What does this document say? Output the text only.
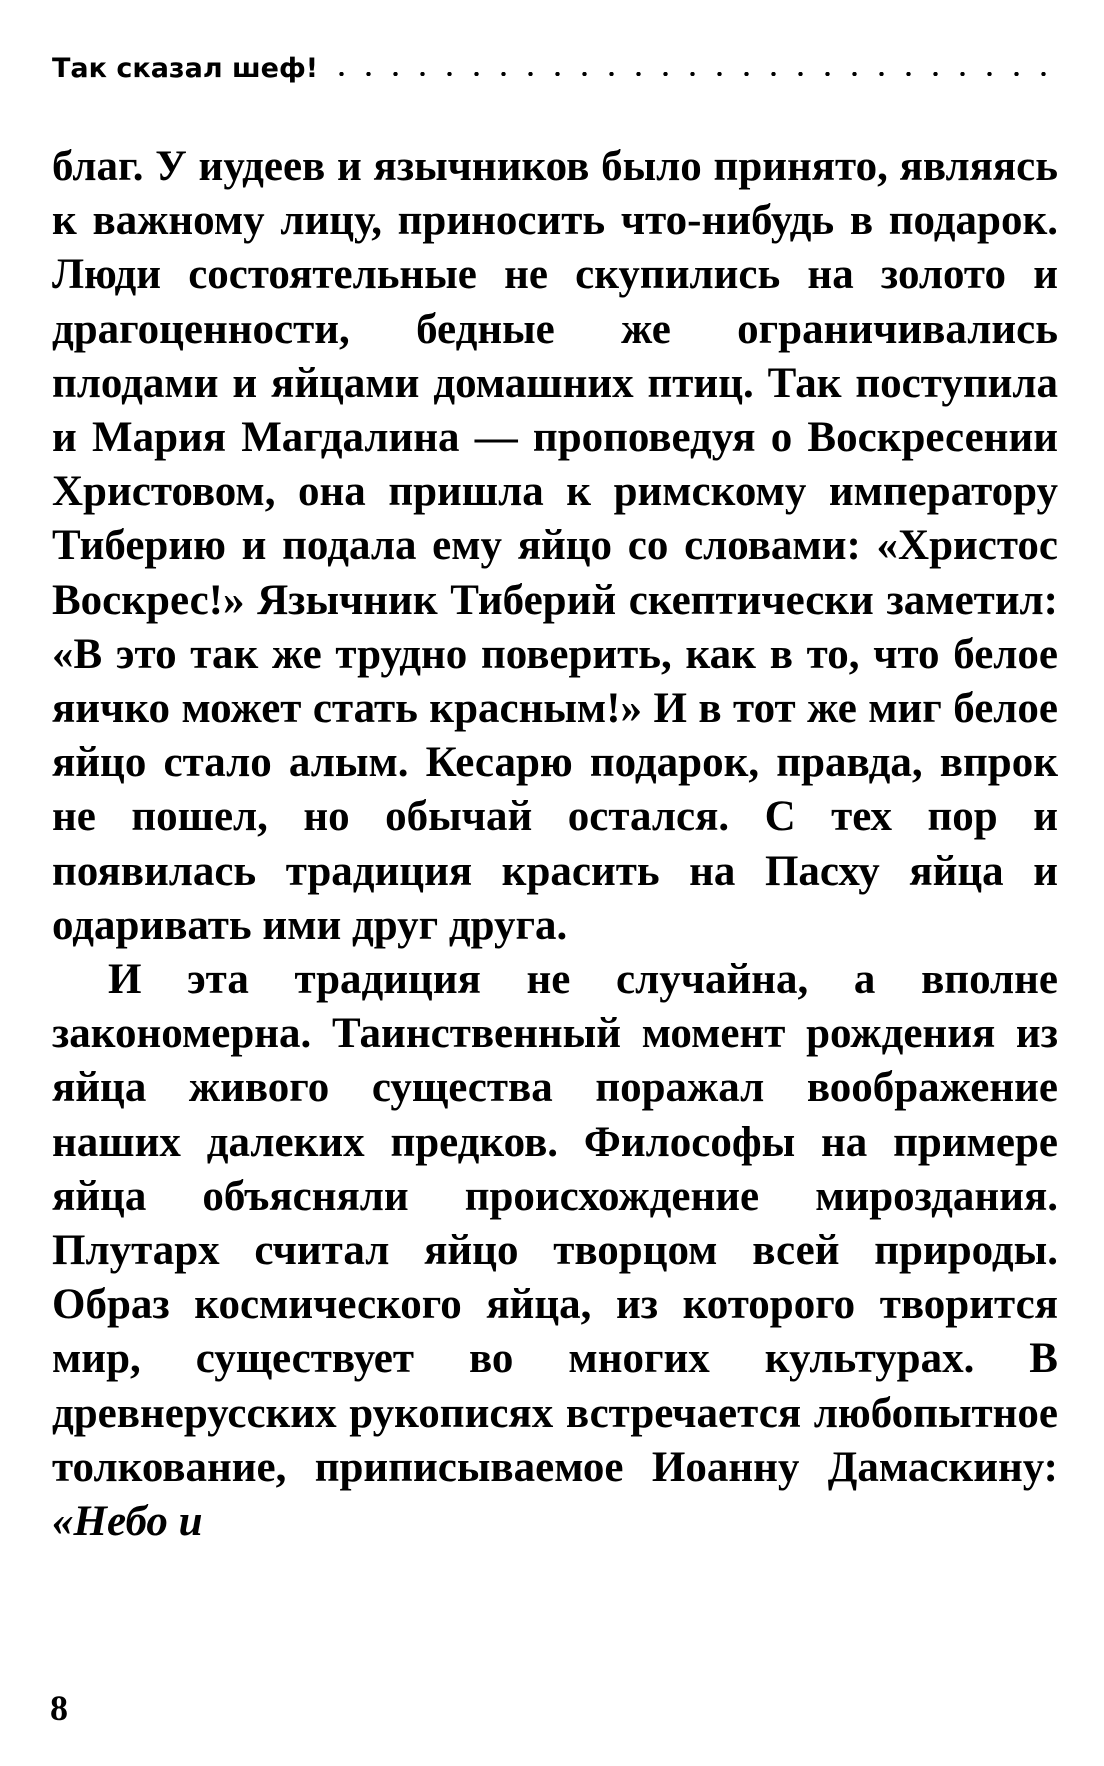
Так сказал шеф!

благ. У иудеев и язычников было принято, являясь к важному лицу, приносить что-нибудь в подарок. Люди состоятельные не скупились на золото и драгоценности, бедные же ограничивались плодами и яйцами домашних птиц. Так поступила и Мария Магдалина — проповедуя о Воскресении Христовом, она пришла к римскому императору Тиберию и подала ему яйцо со словами: «Христос Воскрес!» Язычник Тиберий скептически заметил: «В это так же трудно поверить, как в то, что белое яичко может стать красным!» И в тот же миг белое яйцо стало алым. Кесарю подарок, правда, впрок не пошел, но обычай остался. С тех пор и появилась традиция красить на Пасху яйца и одаривать ими друг друга.

И эта традиция не случайна, а вполне закономерна. Таинственный момент рождения из яйца живого существа поражал воображение наших далеких предков. Философы на примере яйца объясняли происхождение мироздания. Плутарх считал яйцо творцом всей природы. Образ космического яйца, из которого творится мир, существует во многих культурах. В древнерусских рукописях встречается любопытное толкование, приписываемое Иоанну Дамаскину: «Небо и

8
